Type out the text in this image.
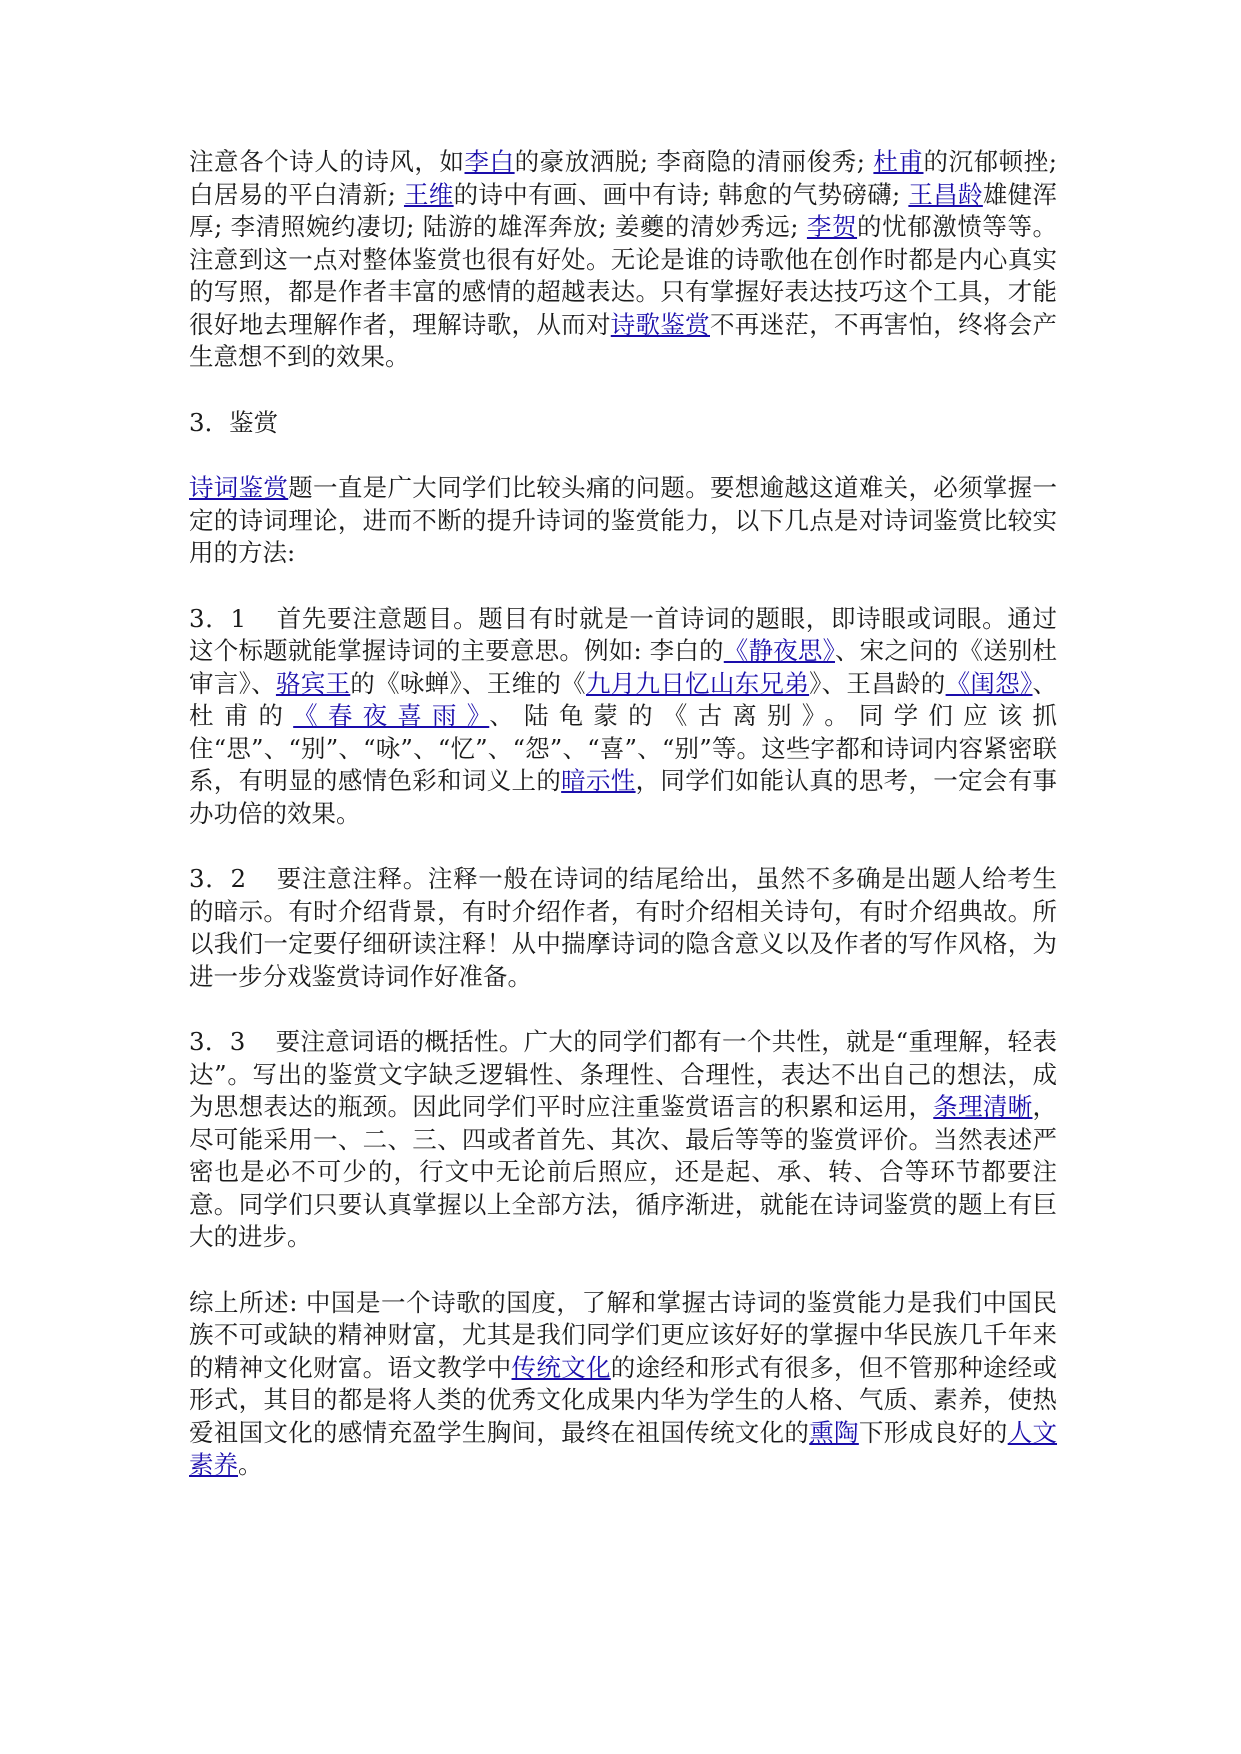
注意各个诗人的诗风，如李白的豪放洒脱; 李商隐的清丽俊秀; 杜甫的沉郁顿挫; 白居易的平白清新; 王维的诗中有画、画中有诗; 韩愈的气势磅礴; 王昌龄雄健浑厚; 李清照婉约凄切; 陆游的雄浑奔放; 姜夔的清妙秀远; 李贺的忧郁激愤等等。注意到这一点对整体鉴赏也很有好处。无论是谁的诗歌他在创作时都是内心真实的写照，都是作者丰富的感情的超越表达。只有掌握好表达技巧这个工具，才能很好地去理解作者，理解诗歌，从而对诗歌鉴赏不再迷茫，不再害怕，终将会产生意想不到的效果。

3．鉴赏

诗词鉴赏题一直是广大同学们比较头痛的问题。要想逾越这道难关，必须掌握一定的诗词理论，进而不断的提升诗词的鉴赏能力，以下几点是对诗词鉴赏比较实用的方法:

3．1 首先要注意题目。题目有时就是一首诗词的题眼，即诗眼或词眼。通过这个标题就能掌握诗词的主要意思。例如: 李白的《静夜思》、宋之问的《送别杜审言》、骆宾王的《咏蝉》、王维的《九月九日忆山东兄弟》、王昌龄的《闺怨》、杜甫的《春夜喜雨》、陆龟蒙的《古离别》。同学们应该抓住“思”、“别”、“咏”、“忆”、“怨”、“喜”、“别”等。这些字都和诗词内容紧密联系，有明显的感情色彩和词义上的暗示性，同学们如能认真的思考，一定会有事办功倍的效果。

3．2 要注意注释。注释一般在诗词的结尾给出，虽然不多确是出题人给考生的暗示。有时介绍背景，有时介绍作者，有时介绍相关诗句，有时介绍典故。所以我们一定要仔细研读注释！从中揣摩诗词的隐含意义以及作者的写作风格，为进一步分戏鉴赏诗词作好准备。

3．3 要注意词语的概括性。广大的同学们都有一个共性，就是“重理解，轻表达”。写出的鉴赏文字缺乏逻辑性、条理性、合理性，表达不出自己的想法，成为思想表达的瓶颈。因此同学们平时应注重鉴赏语言的积累和运用，条理清晰，尽可能采用一、二、三、四或者首先、其次、最后等等的鉴赏评价。当然表述严密也是必不可少的，行文中无论前后照应，还是起、承、转、合等环节都要注意。同学们只要认真掌握以上全部方法，循序渐进，就能在诗词鉴赏的题上有巨大的进步。

综上所述: 中国是一个诗歌的国度，了解和掌握古诗词的鉴赏能力是我们中国民族不可或缺的精神财富，尤其是我们同学们更应该好好的掌握中华民族几千年来的精神文化财富。语文教学中传统文化的途经和形式有很多，但不管那种途经或形式，其目的都是将人类的优秀文化成果内华为学生的人格、气质、素养，使热爱祖国文化的感情充盈学生胸间，最终在祖国传统文化的熏陶下形成良好的人文素养。
